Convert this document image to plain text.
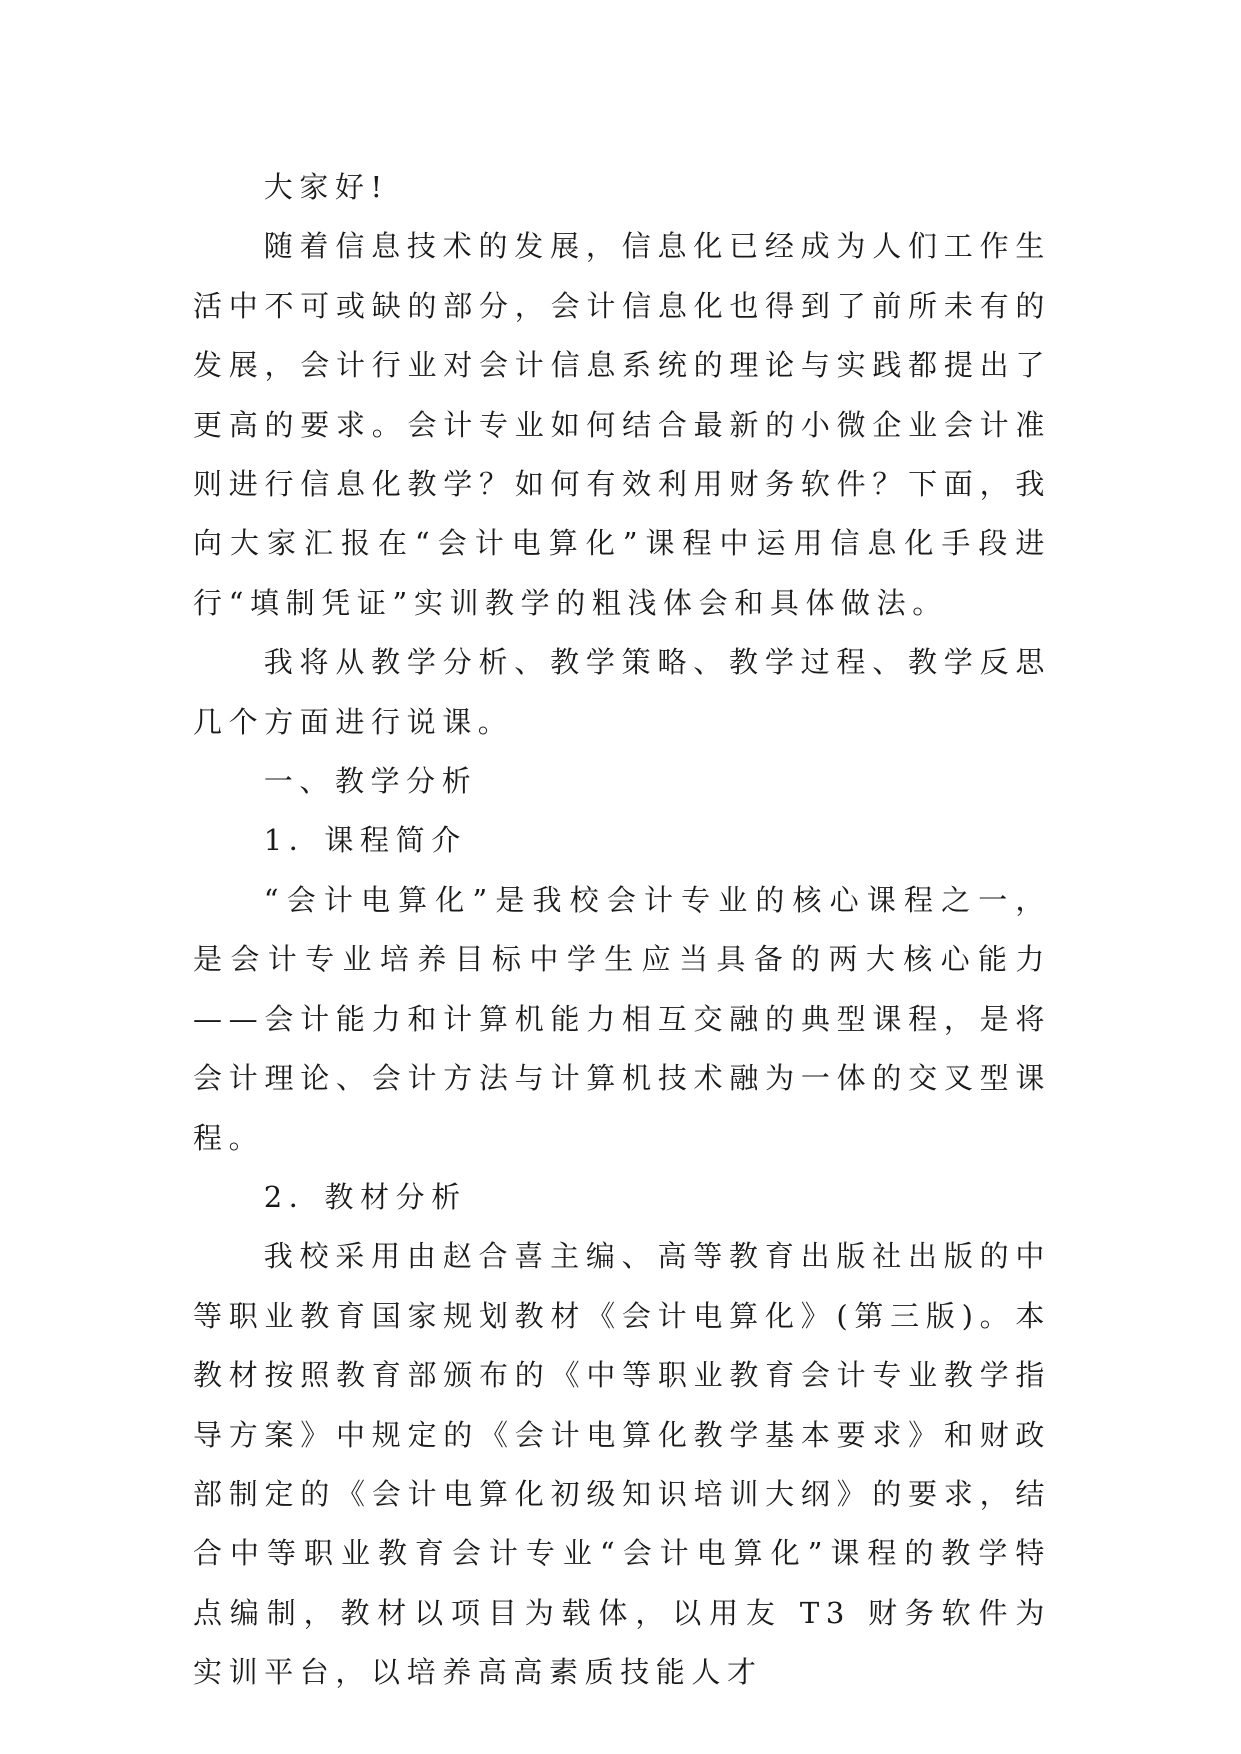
大家好!

随着信息技术的发展，信息化已经成为人们工作生活中不可或缺的部分，会计信息化也得到了前所未有的发展，会计行业对会计信息系统的理论与实践都提出了更高的要求。会计专业如何结合最新的小微企业会计准则进行信息化教学？如何有效利用财务软件？下面，我向大家汇报在“会计电算化”课程中运用信息化手段进行“填制凭证”实训教学的粗浅体会和具体做法。

我将从教学分析、教学策略、教学过程、教学反思几个方面进行说课。

一、教学分析

1．课程简介

“会计电算化”是我校会计专业的核心课程之一，是会计专业培养目标中学生应当具备的两大核心能力——会计能力和计算机能力相互交融的典型课程，是将会计理论、会计方法与计算机技术融为一体的交叉型课程。

2．教材分析

我校采用由赵合喜主编、高等教育出版社出版的中等职业教育国家规划教材《会计电算化》(第三版)。本教材按照教育部颁布的《中等职业教育会计专业教学指导方案》中规定的《会计电算化教学基本要求》和财政部制定的《会计电算化初级知识培训大纲》的要求，结合中等职业教育会计专业“会计电算化”课程的教学特点编制，教材以项目为载体，以用友 T3 财务软件为实训平台，以培养高高素质技能人才
